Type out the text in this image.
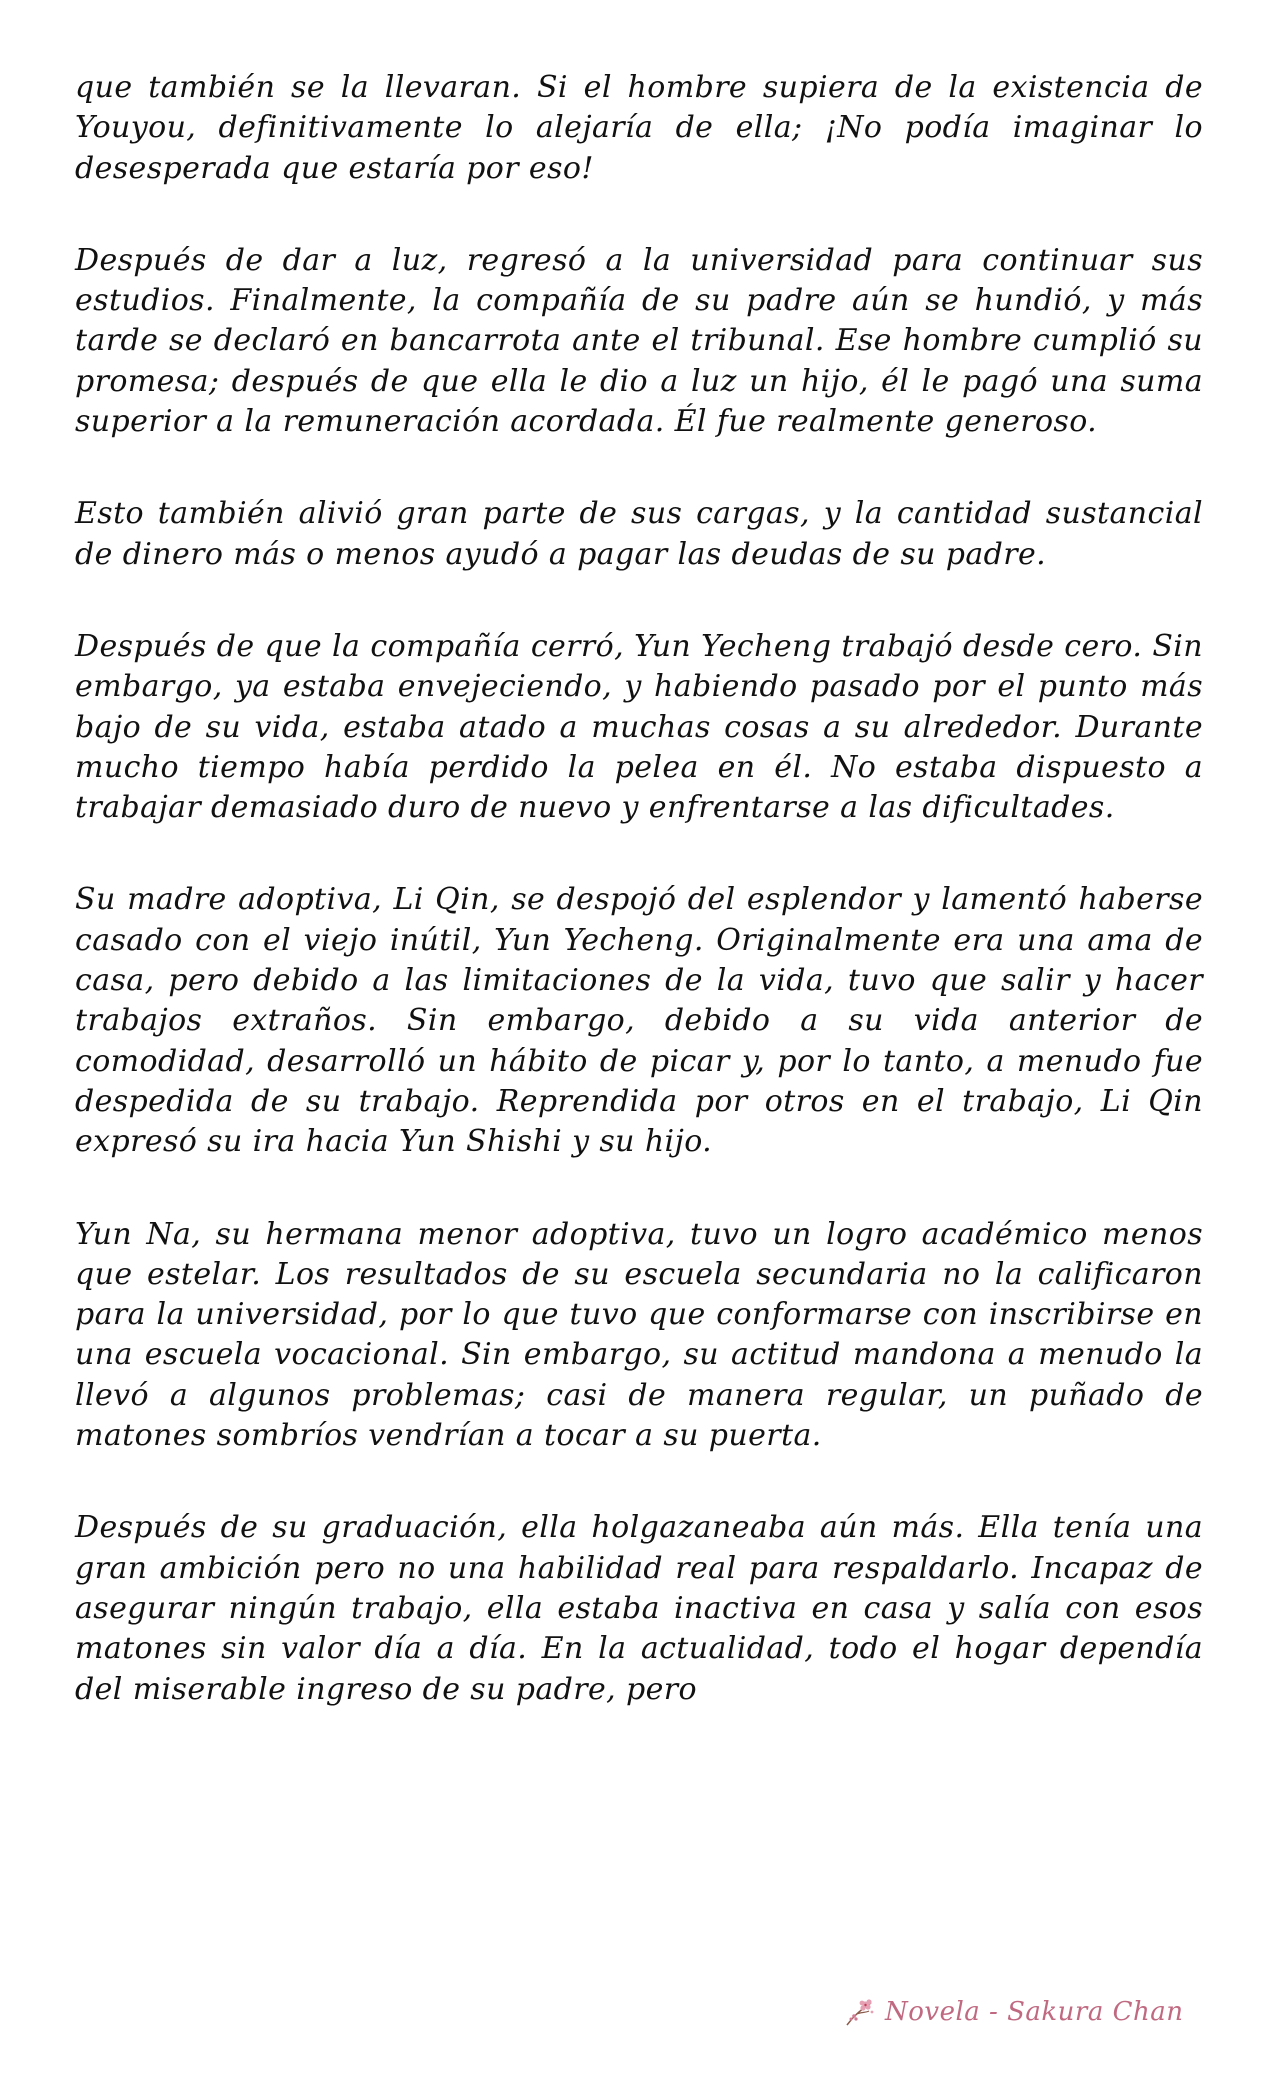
que también se la llevaran. Si el hombre supiera de la existencia de Youyou, definitivamente lo alejaría de ella; ¡No podía imaginar lo desesperada que estaría por eso!

Después de dar a luz, regresó a la universidad para continuar sus estudios. Finalmente, la compañía de su padre aún se hundió, y más tarde se declaró en bancarrota ante el tribunal. Ese hombre cumplió su promesa; después de que ella le dio a luz un hijo, él le pagó una suma superior a la remuneración acordada. Él fue realmente generoso.

Esto también alivió gran parte de sus cargas, y la cantidad sustancial de dinero más o menos ayudó a pagar las deudas de su padre.

Después de que la compañía cerró, Yun Yecheng trabajó desde cero. Sin embargo, ya estaba envejeciendo, y habiendo pasado por el punto más bajo de su vida, estaba atado a muchas cosas a su alrededor. Durante mucho tiempo había perdido la pelea en él. No estaba dispuesto a trabajar demasiado duro de nuevo y enfrentarse a las dificultades.

Su madre adoptiva, Li Qin, se despojó del esplendor y lamentó haberse casado con el viejo inútil, Yun Yecheng. Originalmente era una ama de casa, pero debido a las limitaciones de la vida, tuvo que salir y hacer trabajos extraños. Sin embargo, debido a su vida anterior de comodidad, desarrolló un hábito de picar y, por lo tanto, a menudo fue despedida de su trabajo. Reprendida por otros en el trabajo, Li Qin expresó su ira hacia Yun Shishi y su hijo.

Yun Na, su hermana menor adoptiva, tuvo un logro académico menos que estelar. Los resultados de su escuela secundaria no la calificaron para la universidad, por lo que tuvo que conformarse con inscribirse en una escuela vocacional. Sin embargo, su actitud mandona a menudo la llevó a algunos problemas; casi de manera regular, un puñado de matones sombríos vendrían a tocar a su puerta.

Después de su graduación, ella holgazaneaba aún más. Ella tenía una gran ambición pero no una habilidad real para respaldarlo. Incapaz de asegurar ningún trabajo, ella estaba inactiva en casa y salía con esos matones sin valor día a día. En la actualidad, todo el hogar dependía del miserable ingreso de su padre, pero

Novela - Sakura Chan
